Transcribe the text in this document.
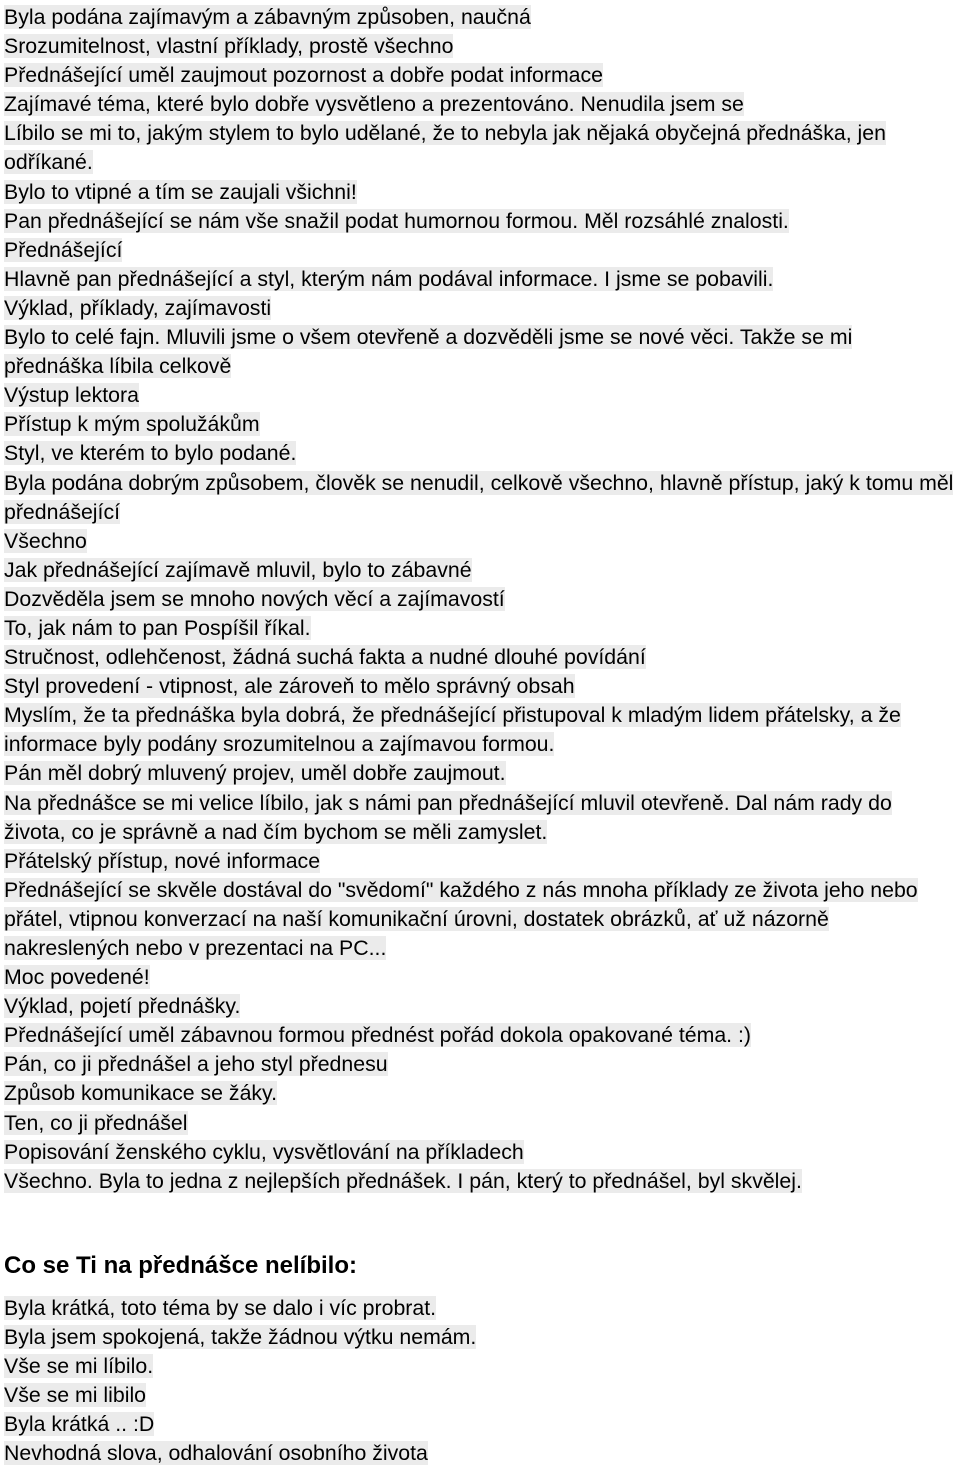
Byla podána zajímavým a zábavným způsoben, naučná

Srozumitelnost, vlastní příklady, prostě všechno

Přednášející uměl zaujmout pozornost a dobře podat informace

Zajímavé téma, které bylo dobře vysvětleno a prezentováno. Nenudila jsem se

Líbilo se mi to, jakým stylem to bylo udělané, že to nebyla jak nějaká obyčejná přednáška, jen odříkané.

Bylo to vtipné a tím se zaujali všichni!

Pan přednášející se nám vše snažil podat humornou formou. Měl rozsáhlé znalosti.

Přednášející

Hlavně pan přednášející a styl, kterým nám podával informace. I jsme se pobavili.

Výklad, příklady, zajímavosti

Bylo to celé fajn. Mluvili jsme o všem otevřeně a dozvěděli jsme se nové věci. Takže se mi přednáška líbila celkově

Výstup lektora

Přístup k mým spolužákům

Styl, ve kterém to bylo podané.

Byla podána dobrým způsobem, člověk se nenudil, celkově všechno, hlavně přístup, jaký k tomu měl přednášející

Všechno

Jak přednášející zajímavě mluvil, bylo to zábavné

Dozvěděla jsem se mnoho nových věcí a zajímavostí

To, jak nám to pan Pospíšil říkal.

Stručnost, odlehčenost, žádná suchá fakta a nudné dlouhé povídání

Styl provedení - vtipnost, ale zároveň to mělo správný obsah

Myslím, že ta přednáška byla dobrá, že přednášející přistupoval k mladým lidem přátelsky, a že informace byly podány srozumitelnou a zajímavou formou.

Pán měl dobrý mluvený projev, uměl dobře zaujmout.

Na přednášce se mi velice líbilo, jak s námi pan přednášející mluvil otevřeně. Dal nám rady do života, co je správně a nad čím bychom se měli zamyslet.

Přátelský přístup, nové informace

Přednášející se skvěle dostával do "svědomí" každého z nás mnoha příklady ze života jeho nebo přátel, vtipnou konverzací na naší komunikační úrovni, dostatek obrázků, ať už názorně nakreslených nebo v prezentaci na PC...

Moc povedené!

Výklad, pojetí přednášky.

Přednášející uměl zábavnou formou přednést pořád dokola opakované téma. :)

Pán, co ji přednášel a jeho styl přednesu

Způsob komunikace se žáky.

Ten, co ji přednášel

Popisování ženského cyklu, vysvětlování na příkladech

Všechno. Byla to jedna z nejlepších přednášek. I pán, který to přednášel, byl skvělej.

Co se Ti na přednášce nelíbilo:

Byla krátká, toto téma by se dalo i víc probrat.

Byla jsem spokojená, takže žádnou výtku nemám.

Vše se mi líbilo.

Vše se mi libilo

Byla krátká .. :D

Nevhodná slova, odhalování osobního života
